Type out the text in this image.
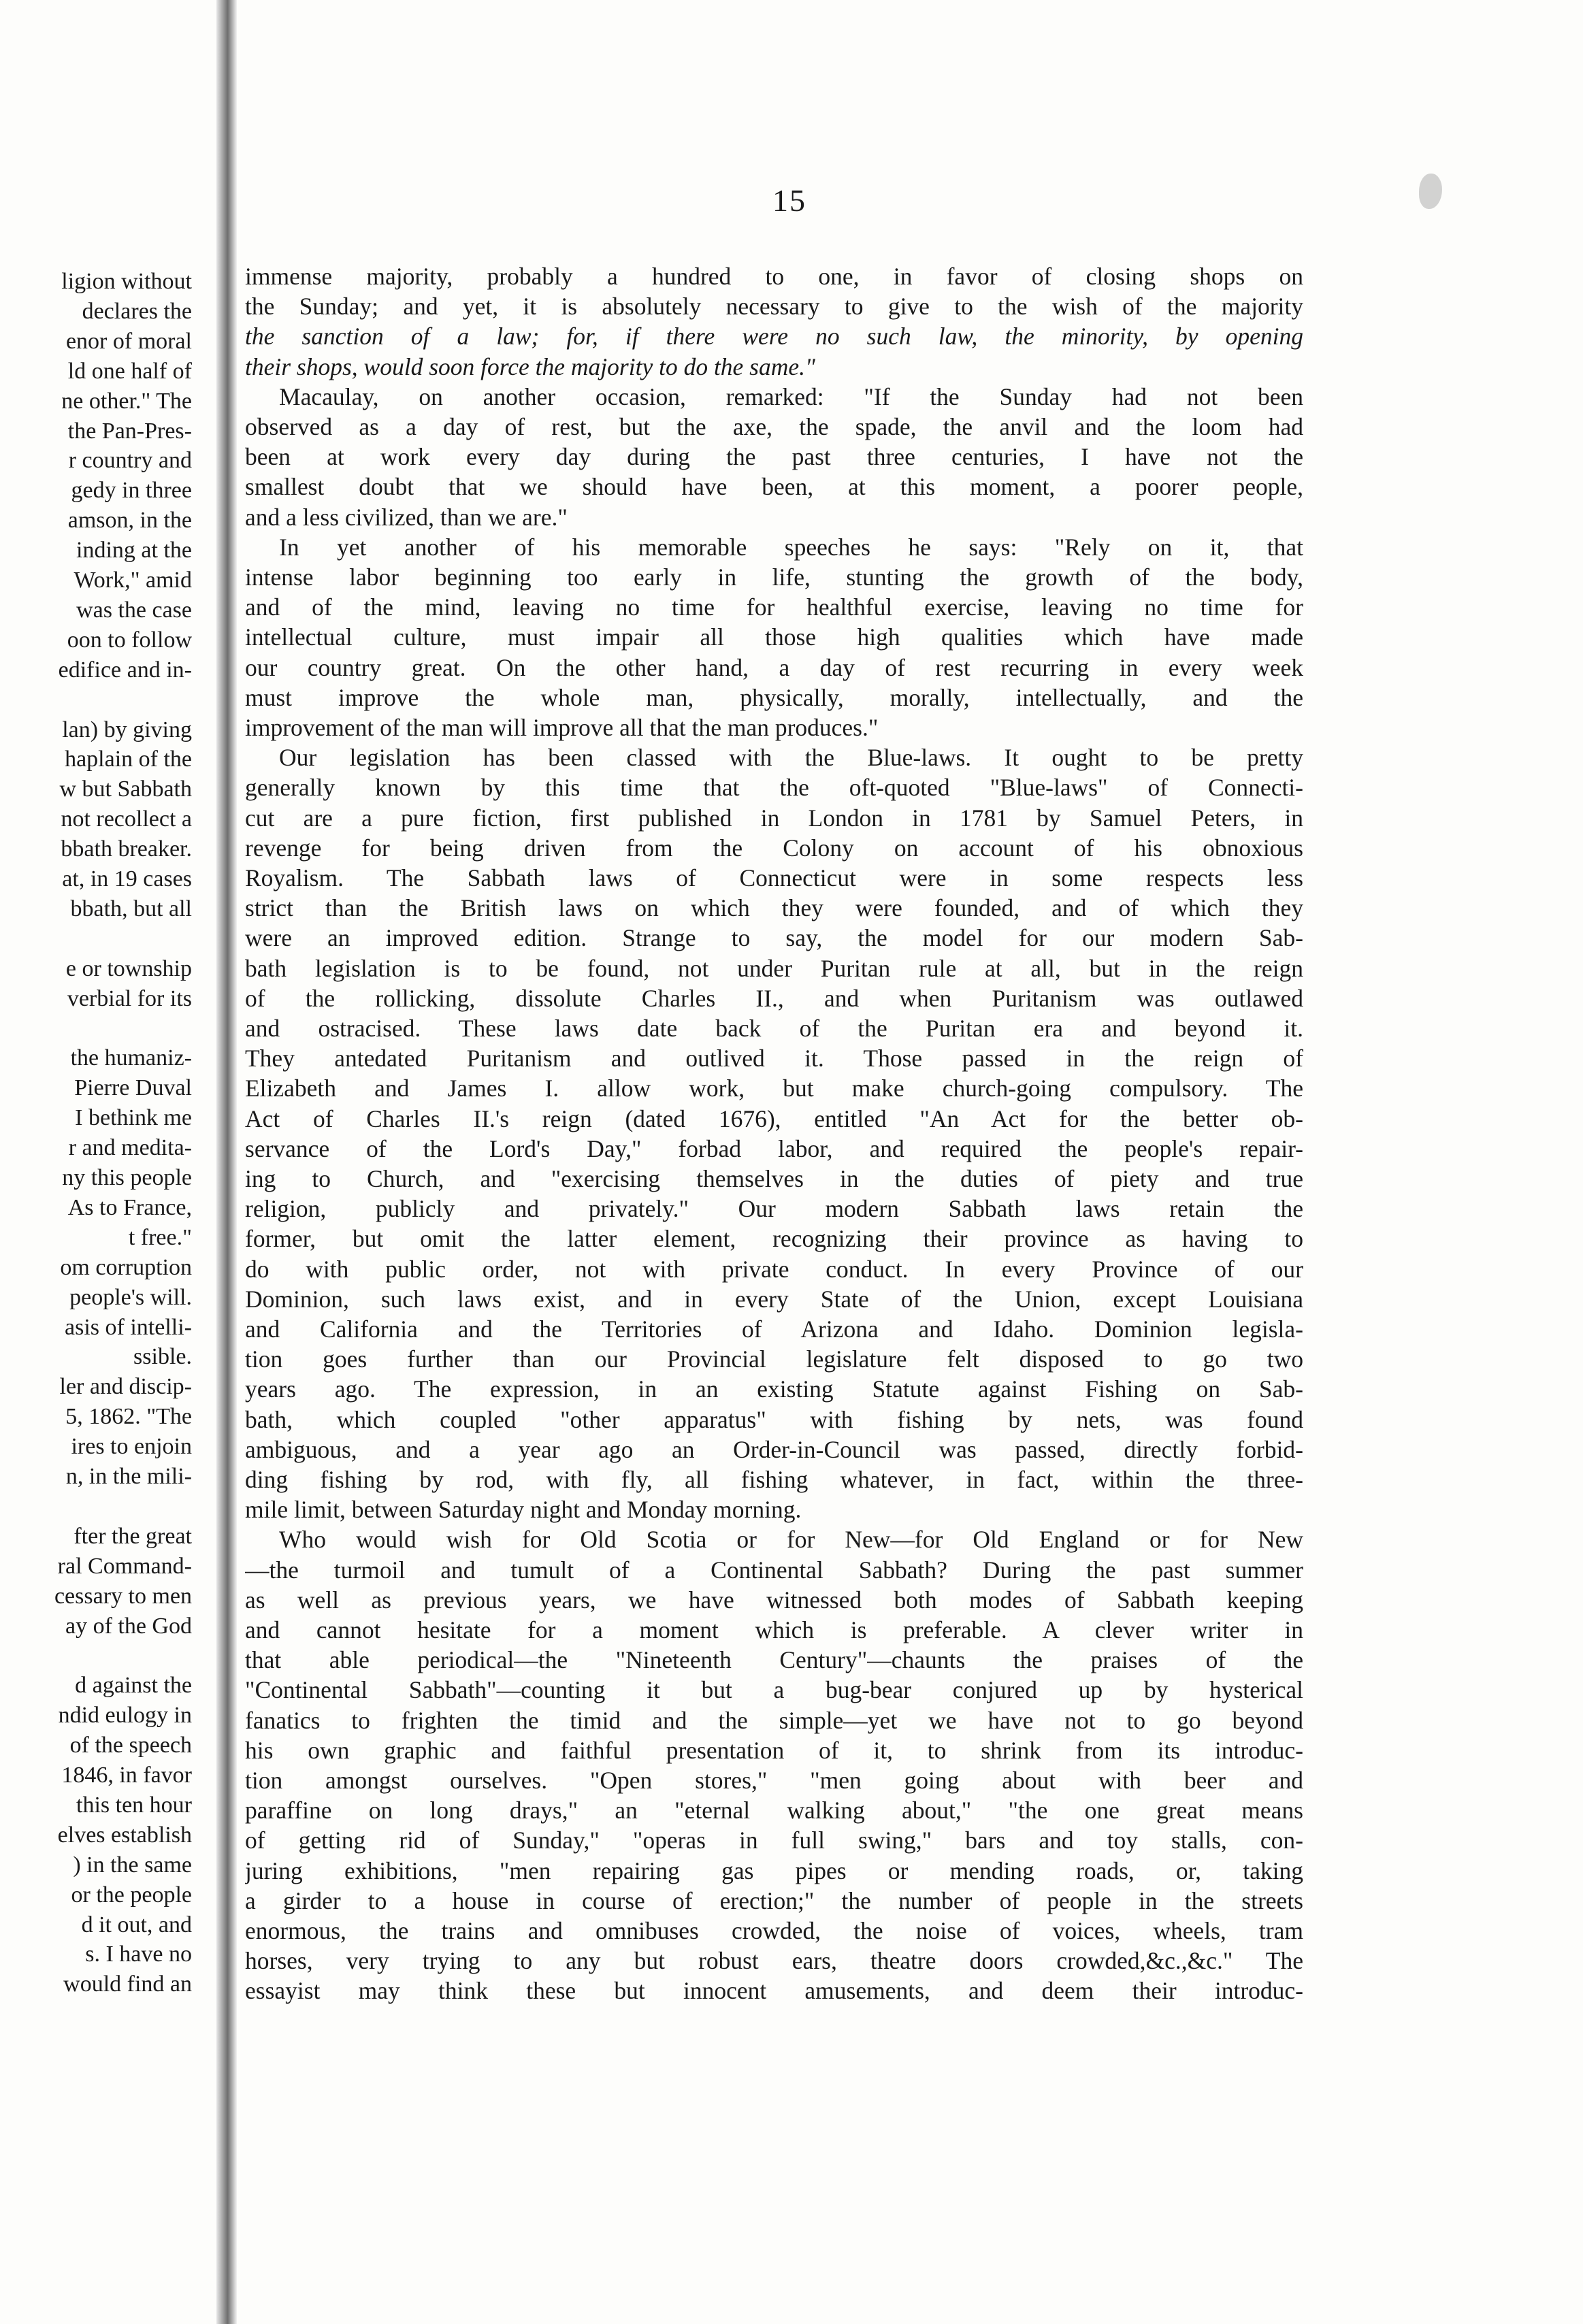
15
ligion without
declares the
enor of moral
ld one half of
ne other." The
the Pan-Pres-
r country and
gedy in three
amson, in the
inding at the
Work," amid
was the case
oon to follow
edifice and in-
lan) by giving
haplain of the
w but Sabbath
not recollect a
bbath breaker.
at, in 19 cases
bbath, but all
e or township
verbial for its
the humaniz-
Pierre Duval
I bethink me
r and medita-
ny this people
As to France,
t free."
om corruption
people's will.
asis of intelli-
ssible.
ler and discip-
5, 1862. "The
ires to enjoin
n, in the mili-
fter the great
ral Command-
cessary to men
ay of the God
d against the
ndid eulogy in
of the speech
1846, in favor
this ten hour
elves establish
) in the same
or the people
d it out, and
s. I have no
would find an
immense majority, probably a hundred to one, in favor of closing shops on
the Sunday; and yet, it is absolutely necessary to give to the wish of the majority
the sanction of a law; for, if there were no such law, the minority, by opening
their shops, would soon force the majority to do the same."
Macaulay, on another occasion, remarked: "If the Sunday had not been
observed as a day of rest, but the axe, the spade, the anvil and the loom had
been at work every day during the past three centuries, I have not the
smallest doubt that we should have been, at this moment, a poorer people,
and a less civilized, than we are."
In yet another of his memorable speeches he says: "Rely on it, that
intense labor beginning too early in life, stunting the growth of the body,
and of the mind, leaving no time for healthful exercise, leaving no time for
intellectual culture, must impair all those high qualities which have made
our country great. On the other hand, a day of rest recurring in every week
must improve the whole man, physically, morally, intellectually, and the
improvement of the man will improve all that the man produces."
Our legislation has been classed with the Blue-laws. It ought to be pretty
generally known by this time that the oft-quoted "Blue-laws" of Connecti-
cut are a pure fiction, first published in London in 1781 by Samuel Peters, in
revenge for being driven from the Colony on account of his obnoxious
Royalism. The Sabbath laws of Connecticut were in some respects less
strict than the British laws on which they were founded, and of which they
were an improved edition. Strange to say, the model for our modern Sab-
bath legislation is to be found, not under Puritan rule at all, but in the reign
of the rollicking, dissolute Charles II., and when Puritanism was outlawed
and ostracised. These laws date back of the Puritan era and beyond it.
They antedated Puritanism and outlived it. Those passed in the reign of
Elizabeth and James I. allow work, but make church-going compulsory. The
Act of Charles II.'s reign (dated 1676), entitled "An Act for the better ob-
servance of the Lord's Day," forbad labor, and required the people's repair-
ing to Church, and "exercising themselves in the duties of piety and true
religion, publicly and privately." Our modern Sabbath laws retain the
former, but omit the latter element, recognizing their province as having to
do with public order, not with private conduct. In every Province of our
Dominion, such laws exist, and in every State of the Union, except Louisiana
and California and the Territories of Arizona and Idaho. Dominion legisla-
tion goes further than our Provincial legislature felt disposed to go two
years ago. The expression, in an existing Statute against Fishing on Sab-
bath, which coupled "other apparatus" with fishing by nets, was found
ambiguous, and a year ago an Order-in-Council was passed, directly forbid-
ding fishing by rod, with fly, all fishing whatever, in fact, within the three-
mile limit, between Saturday night and Monday morning.
Who would wish for Old Scotia or for New—for Old England or for New
—the turmoil and tumult of a Continental Sabbath? During the past summer
as well as previous years, we have witnessed both modes of Sabbath keeping
and cannot hesitate for a moment which is preferable. A clever writer in
that able periodical—the "Nineteenth Century"—chaunts the praises of the
"Continental Sabbath"—counting it but a bug-bear conjured up by hysterical
fanatics to frighten the timid and the simple—yet we have not to go beyond
his own graphic and faithful presentation of it, to shrink from its introduc-
tion amongst ourselves. "Open stores," "men going about with beer and
paraffine on long drays," an "eternal walking about," "the one great means
of getting rid of Sunday," "operas in full swing," bars and toy stalls, con-
juring exhibitions, "men repairing gas pipes or mending roads, or, taking
a girder to a house in course of erection;" the number of people in the streets
enormous, the trains and omnibuses crowded, the noise of voices, wheels, tram
horses, very trying to any but robust ears, theatre doors crowded,&c.,&c." The
essayist may think these but innocent amusements, and deem their introduc-
